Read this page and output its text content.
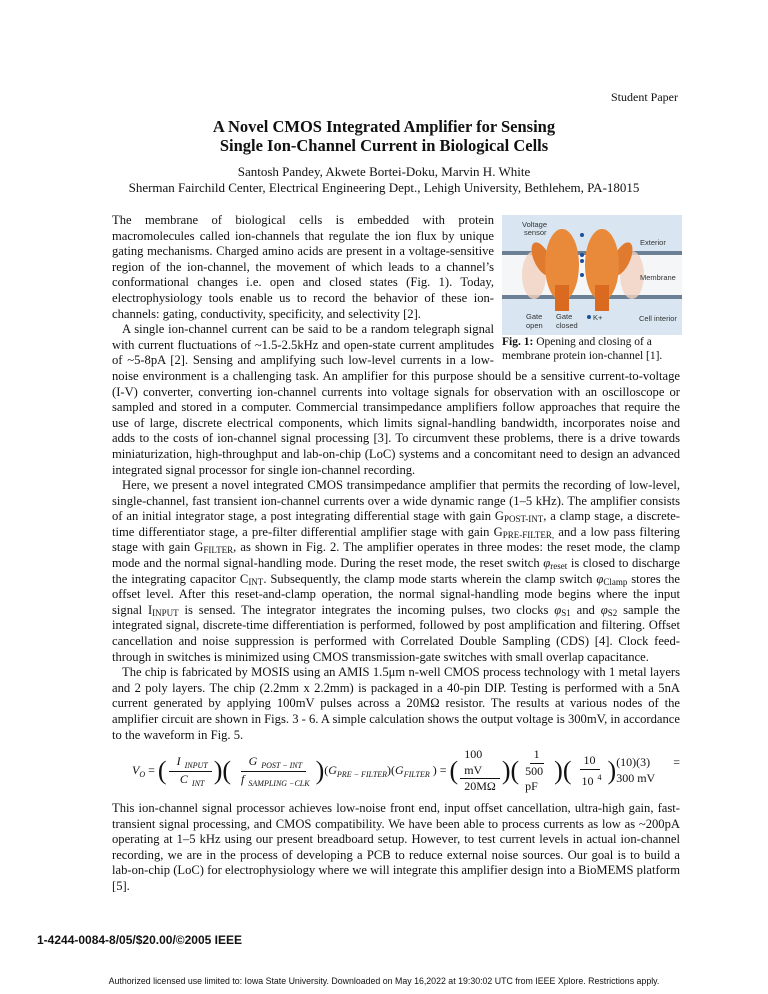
Student Paper
A Novel CMOS Integrated Amplifier for Sensing
Single Ion-Channel Current in Biological Cells
Santosh Pandey, Akwete Bortei-Doku, Marvin H. White
Sherman Fairchild Center, Electrical Engineering Dept., Lehigh University, Bethlehem, PA-18015
Voltage sensor
Exterior
Membrane
Cell interior
Gate open
Gate closed
K+
Fig. 1: Opening and closing of a membrane protein ion-channel [1].

The membrane of biological cells is embedded with protein macromolecules called ion-channels that regulate the ion flux by unique gating mechanisms. Charged amino acids are present in a voltage-sensitive region of the ion-channel, the movement of which leads to a channel’s conformational changes i.e. open and closed states (Fig. 1). Today, electrophysiology tools enable us to record the behavior of these ion-channels: gating, conductivity, specificity, and selectivity [2].

A single ion-channel current can be said to be a random telegraph signal with current fluctuations of ~1.5-2.5kHz and open-state current amplitudes of ~5-8pA [2]. Sensing and amplifying such low-level currents in a low-noise environment is a challenging task. An amplifier for this purpose should be a sensitive current-to-voltage (I-V) converter, converting ion-channel currents into voltage signals for observation with an oscilloscope or sampled and stored in a computer. Commercial transimpedance amplifiers follow approaches that require the use of large, discrete electrical components, which limits signal-handling bandwidth, incorporates noise and adds to the costs of ion-channel signal processing [3]. To circumvent these problems, there is a drive towards miniaturization, high-throughput and lab-on-chip (LoC) systems and a concomitant need to design an advanced integrated signal processor for single ion-channel recording.

Here, we present a novel integrated CMOS transimpedance amplifier that permits the recording of low-level, single-channel, fast transient ion-channel currents over a wide dynamic range (1–5 kHz). The amplifier consists of an initial integrator stage, a post integrating differential stage with gain $G_{POST-INT}$, a clamp stage, a discrete-time differentiator stage, a pre-filter differential amplifier stage with gain $G_{PRE-FILTER,}$ and a low pass filtering stage with gain $G_{FILTER}$, as shown in Fig. 2. The amplifier operates in three modes: the reset mode, the clamp mode and the normal signal-handling mode. During the reset mode, the reset switch $\varphi_{reset}$ is closed to discharge the integrating capacitor $C_{INT}$. Subsequently, the clamp mode starts wherein the clamp switch $\varphi_{Clamp}$ stores the offset level. After this reset-and-clamp operation, the normal signal-handling mode begins where the input signal $I_{INPUT}$ is sensed. The integrator integrates the incoming pulses, two clocks $\varphi_{S1}$ and $\varphi_{S2}$ sample the integrated signal, discrete-time differentiation is performed, followed by post amplification and filtering. Offset cancellation and noise suppression is performed with Correlated Double Sampling (CDS) [4]. Clock feed-through in switches is minimized using CMOS transmission-gate switches with small overlap capacitance.

The chip is fabricated by MOSIS using an AMIS 1.5μm n-well CMOS process technology with 1 metal layers and 2 poly layers. The chip (2.2mm x 2.2mm) is packaged in a 40-pin DIP. Testing is performed with a 5nA current generated by applying 100mV pulses across a 20MΩ resistor. The results at various nodes of the amplifier circuit are shown in Figs. 3 - 6. A simple calculation shows the output voltage is 300mV, in accordance to the waveform in Fig. 5.

$V_O$ = ( $\frac{I _{INPUT}}{C _{INT}}$ ) ( $\frac{G _{POST - INT}}{f _{SAMPLING -CLK}}$ ) $(G_{PRE - FILTER})(G_{FILTER}$ ) = ( $\frac{100 mV}{20M\Omega}$ ) ( $\frac{1}{500 pF}$ ) ( $\frac{10}{10 ^4}$ ) (10)(3) = 300 mV

This ion-channel signal processor achieves low-noise front end, input offset cancellation, ultra-high gain, fast-transient signal processing, and CMOS compatibility. We have been able to process currents as low as ~200pA operating at 1–5 kHz using our present breadboard setup. However, to test current levels in actual ion-channel recording, we are in the process of developing a PCB to reduce external noise sources. Our goal is to build a lab-on-chip (LoC) for electrophysiology where we will integrate this amplifier design into a BioMEMS platform [5].

1-4244-0084-8/05/$20.00/©2005 IEEE
Authorized licensed use limited to: Iowa State University. Downloaded on May 16,2022 at 19:30:02 UTC from IEEE Xplore. Restrictions apply.
